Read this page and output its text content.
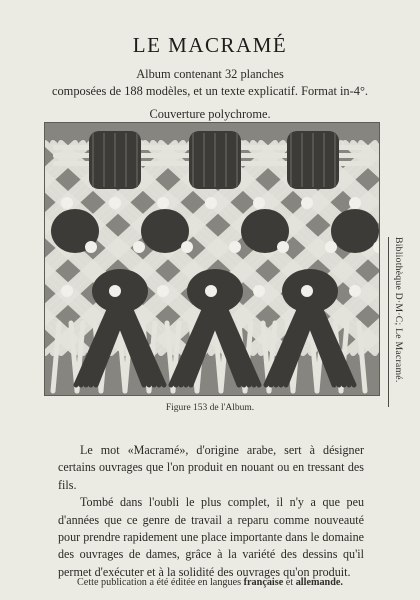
LE MACRAMÉ
Album contenant 32 planches
composées de 188 modèles, et un texte explicatif. Format in-4°.
Couverture polychrome.
Figure 153 de l'Album.

Le mot «Macramé», d'origine arabe, sert à désigner certains ouvrages que l'on produit en nouant ou en tressant des fils.

Tombé dans l'oubli le plus complet, il n'y a que peu d'années que ce genre de travail a reparu comme nouveauté pour prendre rapidement une place importante dans le domaine des ouvrages de dames, grâce à la variété des dessins qu'il permet d'exécuter et à la solidité des ouvrages qu'on produit.

Cette publication a été éditée en langues française et allemande.
Bibliothèque D·M·C; Le Macramé.
